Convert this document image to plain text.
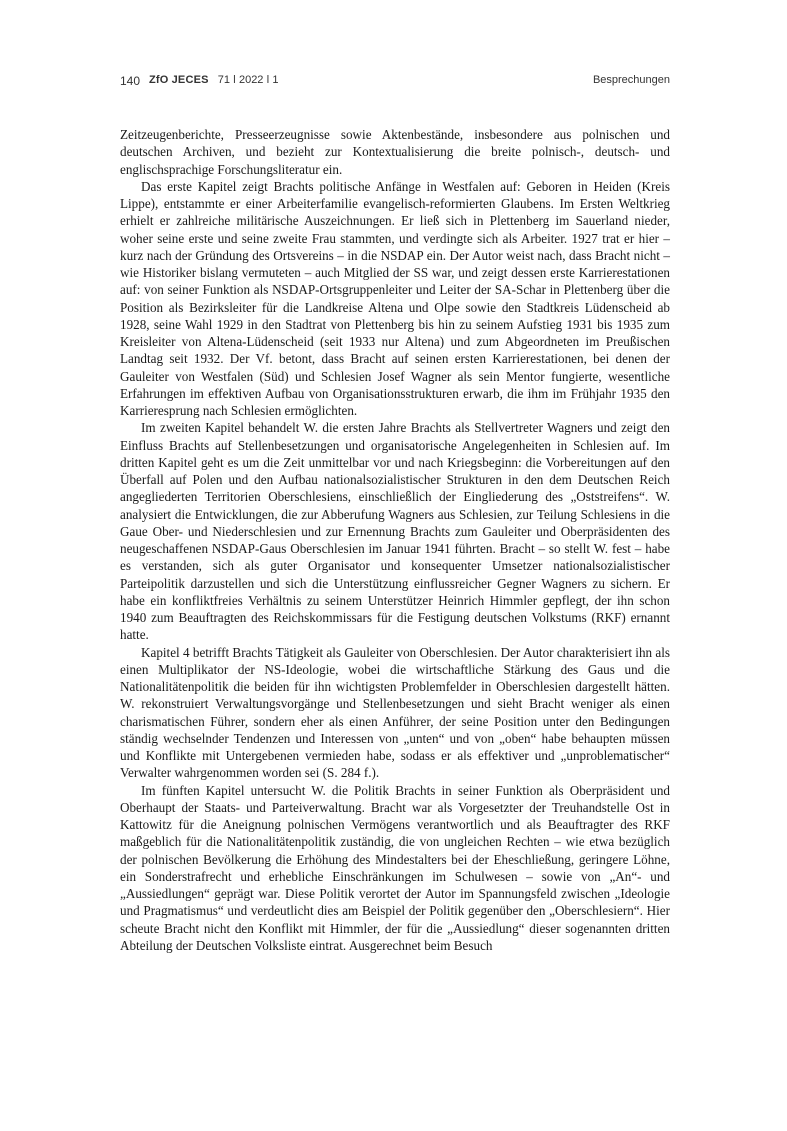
140 ZfO JECES 71 ǀ 2022 ǀ 1	Besprechungen

Zeitzeugenberichte, Presseerzeugnisse sowie Aktenbestände, insbesondere aus polnischen und deutschen Archiven, und bezieht zur Kontextualisierung die breite polnisch-, deutsch- und englischsprachige Forschungsliteratur ein.

Das erste Kapitel zeigt Brachts politische Anfänge in Westfalen auf: Geboren in Heiden (Kreis Lippe), entstammte er einer Arbeiterfamilie evangelisch-reformierten Glaubens. Im Ersten Weltkrieg erhielt er zahlreiche militärische Auszeichnungen. Er ließ sich in Plettenberg im Sauerland nieder, woher seine erste und seine zweite Frau stammten, und verdingte sich als Arbeiter. 1927 trat er hier – kurz nach der Gründung des Ortsvereins – in die NSDAP ein. Der Autor weist nach, dass Bracht nicht – wie Historiker bislang vermuteten – auch Mitglied der SS war, und zeigt dessen erste Karrierestationen auf: von seiner Funktion als NSDAP-Ortsgruppenleiter und Leiter der SA-Schar in Plettenberg über die Position als Bezirksleiter für die Landkreise Altena und Olpe sowie den Stadtkreis Lüdenscheid ab 1928, seine Wahl 1929 in den Stadtrat von Plettenberg bis hin zu seinem Aufstieg 1931 bis 1935 zum Kreisleiter von Altena-Lüdenscheid (seit 1933 nur Altena) und zum Abgeordneten im Preußischen Landtag seit 1932. Der Vf. betont, dass Bracht auf seinen ersten Karrierestationen, bei denen der Gauleiter von Westfalen (Süd) und Schlesien Josef Wagner als sein Mentor fungierte, wesentliche Erfahrungen im effektiven Aufbau von Organisationsstrukturen erwarb, die ihm im Frühjahr 1935 den Karrieresprung nach Schlesien ermöglichten.

Im zweiten Kapitel behandelt W. die ersten Jahre Brachts als Stellvertreter Wagners und zeigt den Einfluss Brachts auf Stellenbesetzungen und organisatorische Angelegenheiten in Schlesien auf. Im dritten Kapitel geht es um die Zeit unmittelbar vor und nach Kriegsbeginn: die Vorbereitungen auf den Überfall auf Polen und den Aufbau nationalsozialistischer Strukturen in den dem Deutschen Reich angegliederten Territorien Oberschlesiens, einschließlich der Eingliederung des „Oststreifens“. W. analysiert die Entwicklungen, die zur Abberufung Wagners aus Schlesien, zur Teilung Schlesiens in die Gaue Ober- und Niederschlesien und zur Ernennung Brachts zum Gauleiter und Oberpräsidenten des neugeschaffenen NSDAP-Gaus Oberschlesien im Januar 1941 führten. Bracht – so stellt W. fest – habe es verstanden, sich als guter Organisator und konsequenter Umsetzer nationalsozialistischer Parteipolitik darzustellen und sich die Unterstützung einflussreicher Gegner Wagners zu sichern. Er habe ein konfliktfreies Verhältnis zu seinem Unterstützer Heinrich Himmler gepflegt, der ihn schon 1940 zum Beauftragten des Reichskommissars für die Festigung deutschen Volkstums (RKF) ernannt hatte.

Kapitel 4 betrifft Brachts Tätigkeit als Gauleiter von Oberschlesien. Der Autor charakterisiert ihn als einen Multiplikator der NS-Ideologie, wobei die wirtschaftliche Stärkung des Gaus und die Nationalitätenpolitik die beiden für ihn wichtigsten Problemfelder in Oberschlesien dargestellt hätten. W. rekonstruiert Verwaltungsvorgänge und Stellenbesetzungen und sieht Bracht weniger als einen charismatischen Führer, sondern eher als einen Anführer, der seine Position unter den Bedingungen ständig wechselnder Tendenzen und Interessen von „unten“ und von „oben“ habe behaupten müssen und Konflikte mit Untergebenen vermieden habe, sodass er als effektiver und „unproblematischer“ Verwalter wahrgenommen worden sei (S. 284 f.).

Im fünften Kapitel untersucht W. die Politik Brachts in seiner Funktion als Oberpräsident und Oberhaupt der Staats- und Parteiverwaltung. Bracht war als Vorgesetzter der Treuhandstelle Ost in Kattowitz für die Aneignung polnischen Vermögens verantwortlich und als Beauftragter des RKF maßgeblich für die Nationalitätenpolitik zuständig, die von ungleichen Rechten – wie etwa bezüglich der polnischen Bevölkerung die Erhöhung des Mindestalters bei der Eheschließung, geringere Löhne, ein Sonderstrafrecht und erhebliche Einschränkungen im Schulwesen – sowie von „An“- und „Aussiedlungen“ geprägt war. Diese Politik verortet der Autor im Spannungsfeld zwischen „Ideologie und Pragmatismus“ und verdeutlicht dies am Beispiel der Politik gegenüber den „Oberschlesiern“. Hier scheute Bracht nicht den Konflikt mit Himmler, der für die „Aussiedlung“ dieser sogenannten dritten Abteilung der Deutschen Volksliste eintrat. Ausgerechnet beim Besuch
